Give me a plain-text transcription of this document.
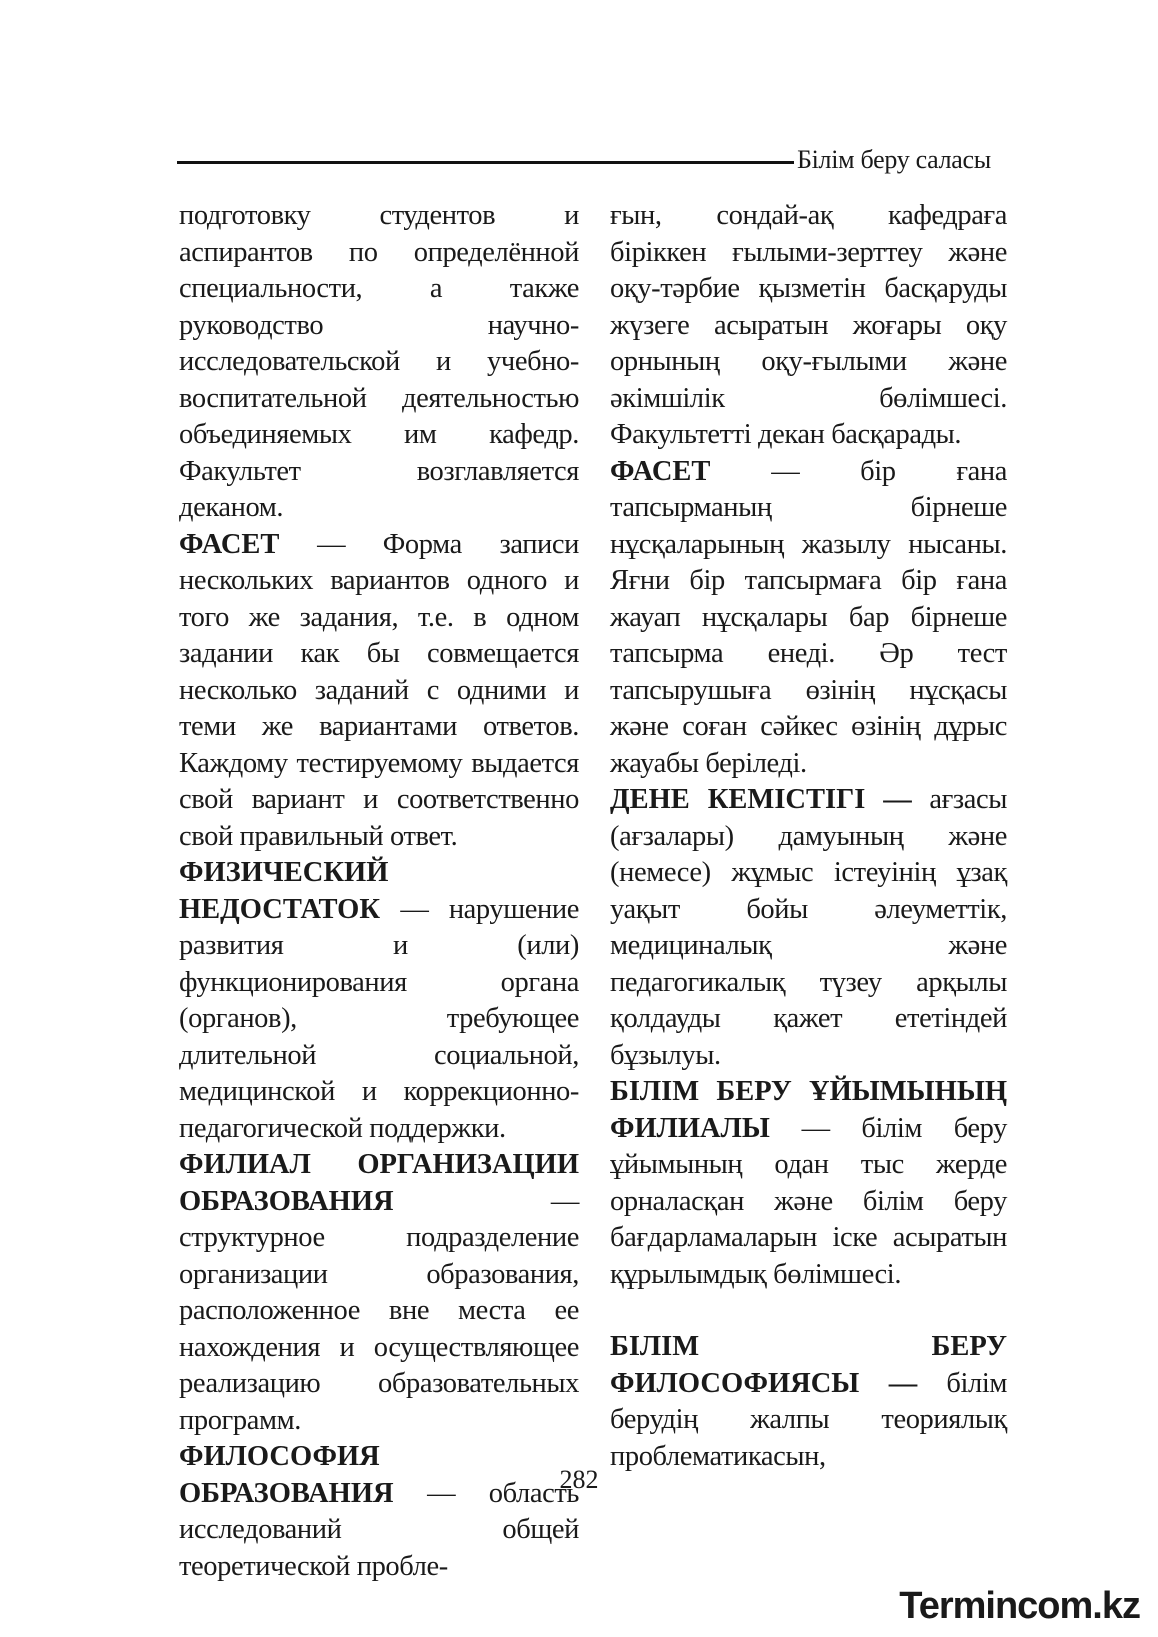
Білім беру саласы

подготовку студентов и аспирантов по определённой специальности, а также руководство научно-исследовательской и учебно-воспитательной деятельностью объединяемых им кафедр. Факультет возглавляется деканом.

ФАСЕТ — Форма записи нескольких вариантов одного и того же задания, т.е. в одном задании как бы совмещается несколько заданий с одними и теми же вариантами ответов. Каждому тестируемому выдается свой вариант и соответственно свой правильный ответ.

ФИЗИЧЕСКИЙ НЕДОСТАТОК — нарушение развития и (или) функционирования органа (органов), требующее длительной социальной, медицинской и коррекционно-педагогической поддержки.

ФИЛИАЛ ОРГАНИЗАЦИИ ОБРАЗОВАНИЯ — структурное подразделение организации образования, расположенное вне места ее нахождения и осуществляющее реализацию образовательных программ.

ФИЛОСОФИЯ ОБРАЗОВАНИЯ — область исследований общей теоретической пробле-

ғын, сондай-ақ кафедраға біріккен ғылыми-зерттеу және оқу-тәрбие қызметін басқаруды жүзеге асыратын жоғары оқу орнының оқу-ғылыми және әкімшілік бөлімшесі. Факультетті декан басқарады.

ФАСЕТ — бір ғана тапсырманың бірнеше нұсқаларының жазылу нысаны. Яғни бір тапсырмаға бір ғана жауап нұсқалары бар бірнеше тапсырма енеді. Әр тест тапсырушыға өзінің нұсқасы және соған сәйкес өзінің дұрыс жауабы беріледі.

ДЕНЕ КЕМІСТІГІ — ағзасы (ағзалары) дамуының және (немесе) жұмыс істеуінің ұзақ уақыт бойы әлеуметтік, медициналық және педагогикалық түзеу арқылы қолдауды қажет ететіндей бұзылуы.

БІЛІМ БЕРУ ҰЙЫМЫНЫҢ ФИЛИАЛЫ — білім беру ұйымының одан тыс жерде орналасқан және білім беру бағдарламаларын іске асыратын құрылымдық бөлімшесі.

БІЛІМ БЕРУ ФИЛОСОФИЯСЫ — білім берудің жалпы теориялық проблематикасын,

282
Termincom.kz
